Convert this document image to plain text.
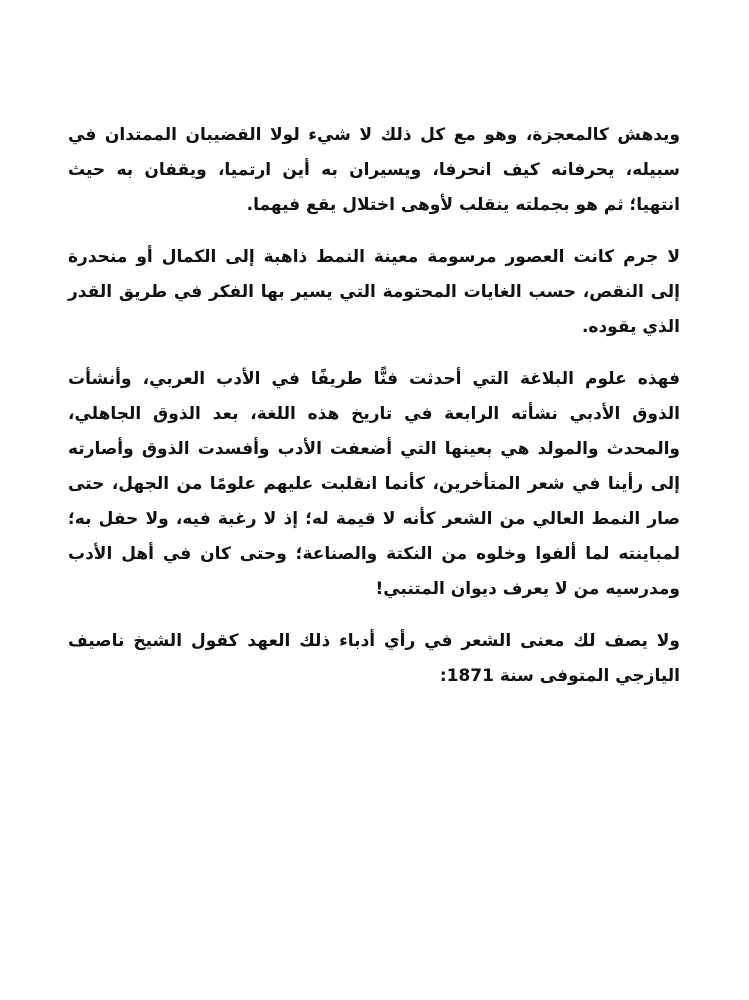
ويدهش كالمعجزة، وهو مع كل ذلك لا شيء لولا القضيبان الممتدان في سبيله، يحرفانه كيف انحرفا، ويسيران به أين ارتميا، ويقفان به حيث انتهيا؛ ثم هو بجملته ينقلب لأوهى اختلال يقع فيهما.

لا جرم كانت العصور مرسومة معينة النمط ذاهبة إلى الكمال أو منحدرة إلى النقص، حسب الغايات المحتومة التي يسير بها الفكر في طريق القدر الذي يقوده.

فهذه علوم البلاغة التي أحدثت فنًّا طريفًا في الأدب العربي، وأنشأت الذوق الأدبي نشأته الرابعة في تاريخ هذه اللغة، بعد الذوق الجاهلي، والمحدث والمولد هي بعينها التي أضعفت الأدب وأفسدت الذوق وأصارته إلى رأينا في شعر المتأخرين، كأنما انقلبت عليهم علومًا من الجهل، حتى صار النمط العالي من الشعر كأنه لا قيمة له؛ إذ لا رغبة فيه، ولا حفل به؛ لمباينته لما ألفوا وخلوه من النكتة والصناعة؛ وحتى كان في أهل الأدب ومدرسيه من لا يعرف ديوان المتنبي!

ولا يصف لك معنى الشعر في رأي أدباء ذلك العهد كقول الشيخ ناصيف اليازجي المتوفى سنة 1871:
